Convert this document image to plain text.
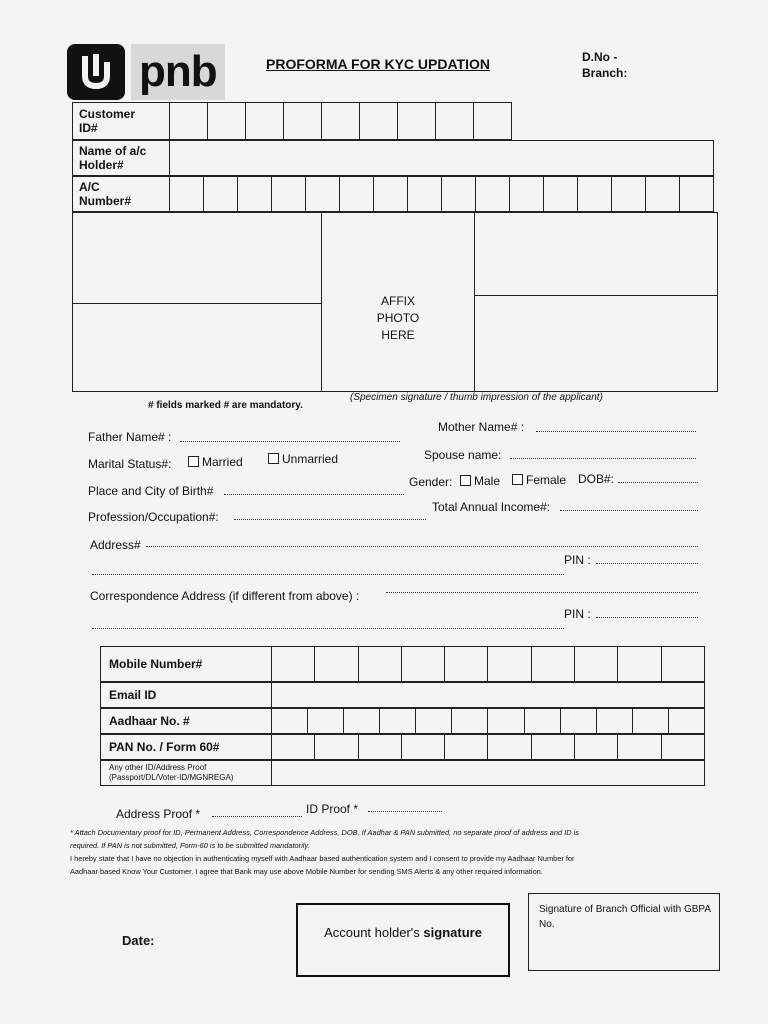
pnb	PROFORMA FOR KYC UPDATION	D.No -
Branch:
Customer
ID#

Name of a/c
Holder#

A/C
Number#

AFFIX
PHOTO
HERE
# fields marked # are mandatory.
(Specimen signature / thumb impression of the applicant)
Father Name# :
Mother Name# :
Marital Status#:	Married	Unmarried	Spouse name:
Place and City of Birth#
Gender:	Male	Female DOB#:
Profession/Occupation#:
Total Annual Income#:
Address#
PIN :
Correspondence Address (if different from above) :
PIN :
Mobile Number#										
Email ID	
Aadhaar No. #												
PAN No. / Form 60#										
Any other ID/Address Proof
(Passport/DL/Voter-ID/MGNREGA)

Address Proof *	ID Proof *
* Attach Documentary proof for ID, Permanent Address, Correspondence Address, DOB. If Aadhar & PAN submitted, no separate proof of address and ID is
required. If PAN is not submitted, Form-60 is to be submitted mandatorily.
I hereby state that I have no objection in authenticating myself with Aadhaar based authentication system and I consent to provide my Aadhaar Number for
Aadhaar based Know Your Customer. I agree that Bank may use above Mobile Number for sending SMS Alerts & any other required information.
Date:
Account holder's signature
Signature of Branch Official with GBPA No.
